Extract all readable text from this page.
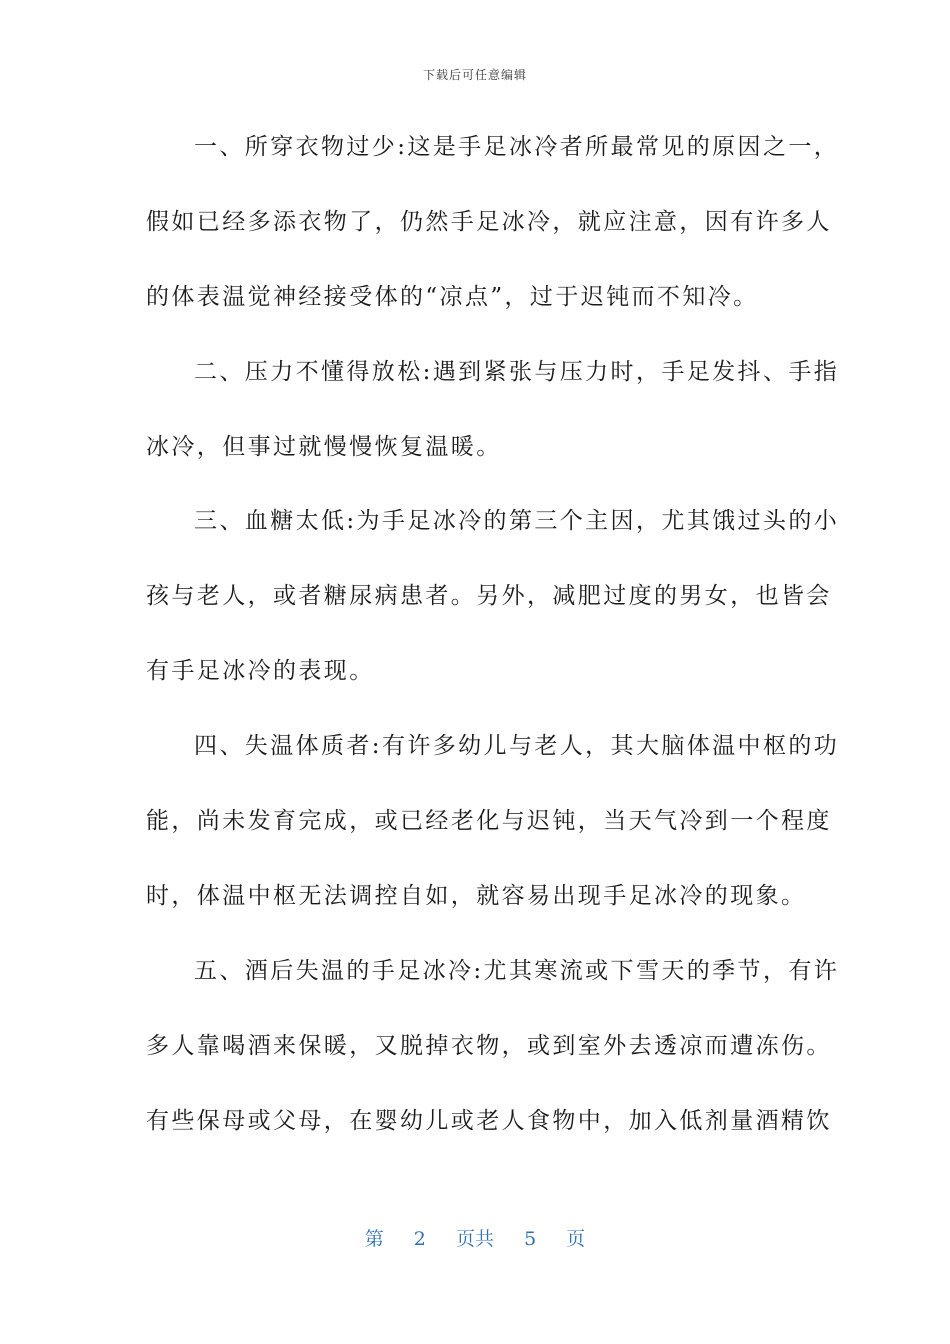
下载后可任意编辑
一、所穿衣物过少:这是手足冰冷者所最常见的原因之一，
假如已经多添衣物了，仍然手足冰冷，就应注意，因有许多人
的体表温觉神经接受体的“凉点”，过于迟钝而不知冷。
二、压力不懂得放松:遇到紧张与压力时，手足发抖、手指
冰冷，但事过就慢慢恢复温暖。
三、血糖太低:为手足冰冷的第三个主因，尤其饿过头的小
孩与老人，或者糖尿病患者。另外，减肥过度的男女，也皆会
有手足冰冷的表现。
四、失温体质者:有许多幼儿与老人，其大脑体温中枢的功
能，尚未发育完成，或已经老化与迟钝，当天气冷到一个程度
时，体温中枢无法调控自如，就容易出现手足冰冷的现象。
五、酒后失温的手足冰冷:尤其寒流或下雪天的季节，有许
多人靠喝酒来保暖，又脱掉衣物，或到室外去透凉而遭冻伤。
有些保母或父母，在婴幼儿或老人食物中，加入低剂量酒精饮
第 2 页共 5 页
